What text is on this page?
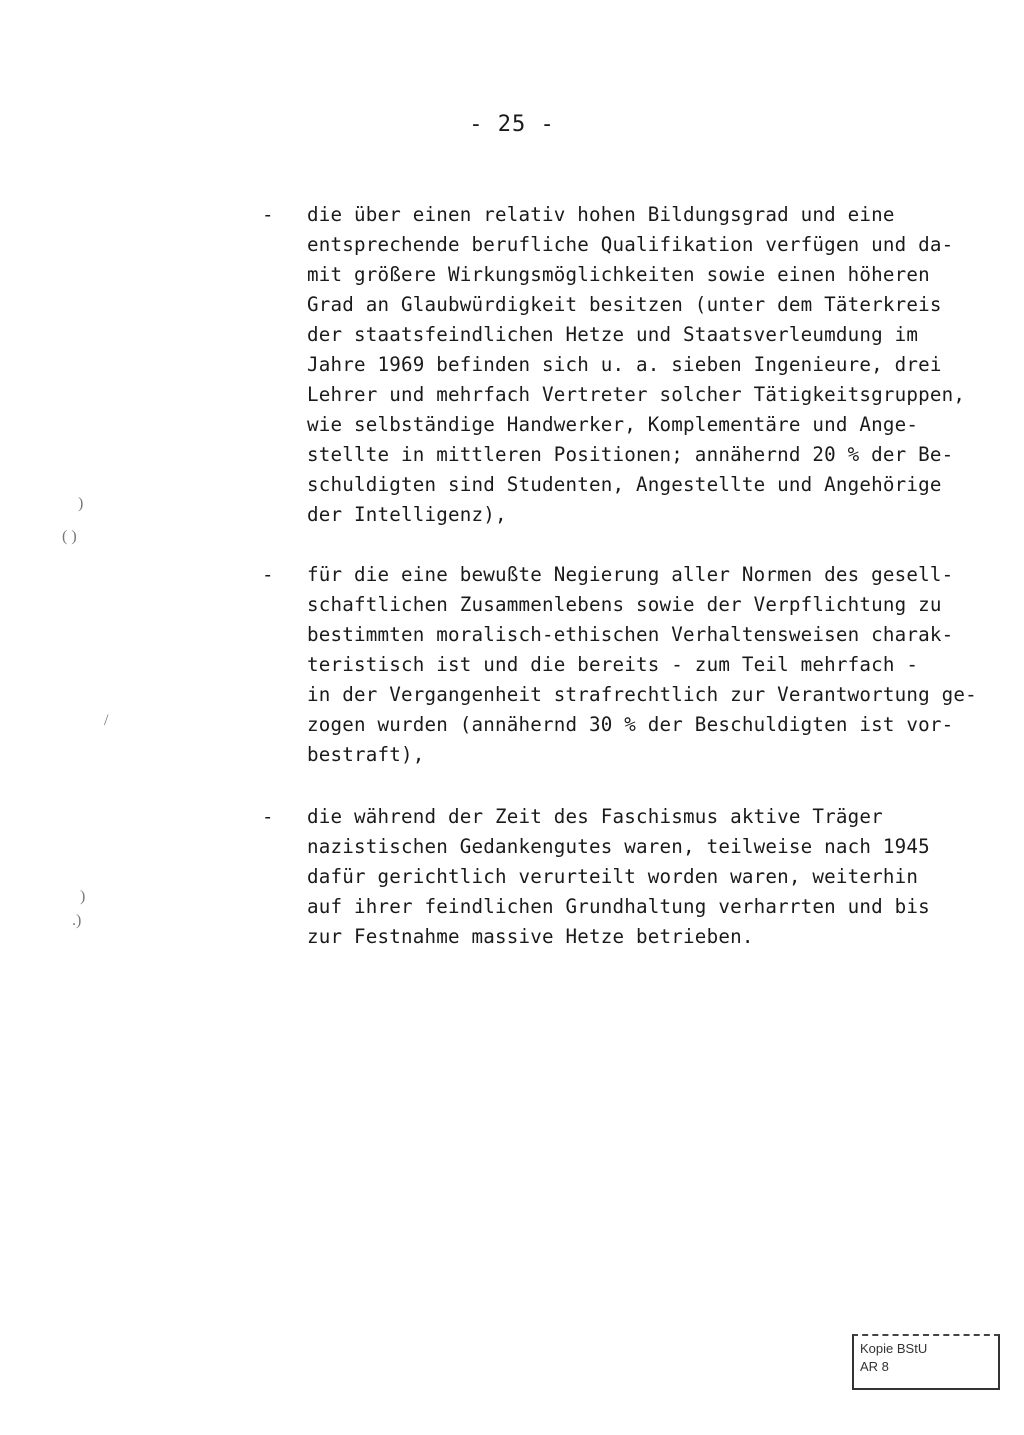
- 25 -
- die über einen relativ hohen Bildungsgrad und eine
entsprechende berufliche Qualifikation verfügen und da-
mit größere Wirkungsmöglichkeiten sowie einen höheren
Grad an Glaubwürdigkeit besitzen (unter dem Täterkreis
der staatsfeindlichen Hetze und Staatsverleumdung im
Jahre 1969 befinden sich u. a. sieben Ingenieure, drei
Lehrer und mehrfach Vertreter solcher Tätigkeitsgruppen,
wie selbständige Handwerker, Komplementäre und Ange-
stellte in mittleren Positionen; annähernd 20 % der Be-
schuldigten sind Studenten, Angestellte und Angehörige
der Intelligenz),
- für die eine bewußte Negierung aller Normen des gesell-
schaftlichen Zusammenlebens sowie der Verpflichtung zu
bestimmten moralisch-ethischen Verhaltensweisen charak-
teristisch ist und die bereits - zum Teil mehrfach -
in der Vergangenheit strafrechtlich zur Verantwortung ge-
zogen wurden (annähernd 30 % der Beschuldigten ist vor-
bestraft),
- die während der Zeit des Faschismus aktive Träger
nazistischen Gedankengutes waren, teilweise nach 1945
dafür gerichtlich verurteilt worden waren, weiterhin
auf ihrer feindlichen Grundhaltung verharrten und bis
zur Festnahme massive Hetze betrieben.
)
( )
/
)
.)
Kopie BStU
AR 8
